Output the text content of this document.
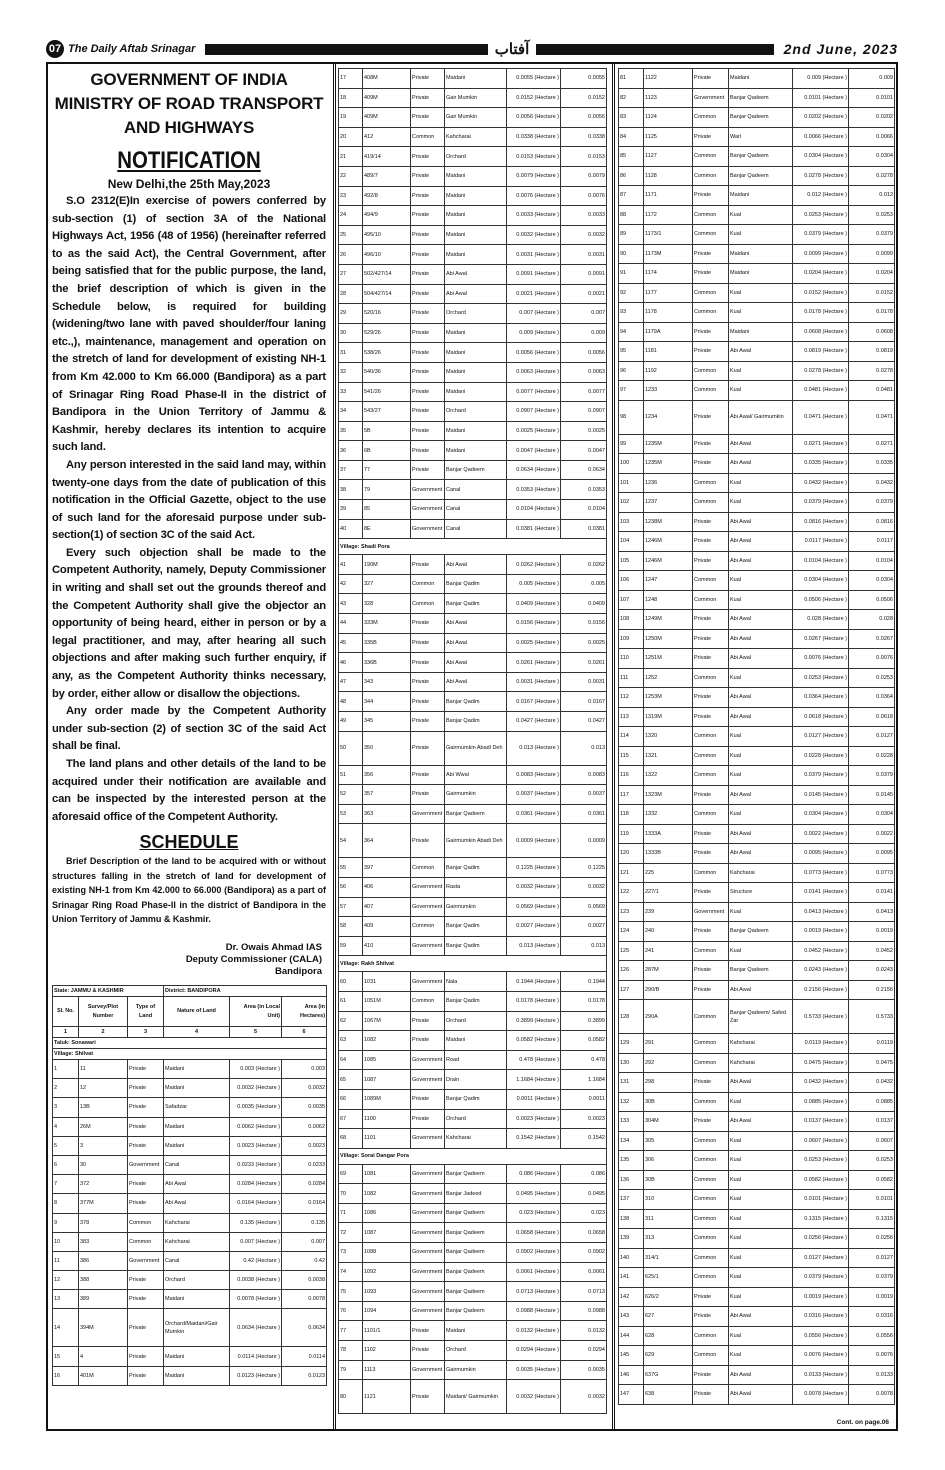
07 The Daily Aftab Srinagar	آفتاب	2nd June, 2023
GOVERNMENT OF INDIA
MINISTRY OF ROAD TRANSPORT
AND HIGHWAYS
NOTIFICATION
New Delhi,the 25th May,2023

S.O 2312(E)In exercise of powers conferred by sub-section (1) of section 3A of the National Highways Act, 1956 (48 of 1956) (hereinafter referred to as the said Act), the Central Government, after being satisfied that for the public purpose, the land, the brief description of which is given in the Schedule below, is required for building (widening/two lane with paved shoulder/four laning etc.,), maintenance, management and operation on the stretch of land for development of existing NH-1 from Km 42.000 to Km 66.000 (Bandipora) as a part of Srinagar Ring Road Phase-II in the district of Bandipora in the Union Territory of Jammu & Kashmir, hereby declares its intention to acquire such land.

Any person interested in the said land may, within twenty-one days from the date of publication of this notification in the Official Gazette, object to the use of such land for the aforesaid purpose under sub-section(1) of section 3C of the said Act.

Every such objection shall be made to the Competent Authority, namely, Deputy Commissioner in writing and shall set out the grounds thereof and the Competent Authority shall give the objector an opportunity of being heard, either in person or by a legal practitioner, and may, after hearing all such objections and after making such further enquiry, if any, as the Competent Authority thinks necessary, by order, either allow or disallow the objections.

Any order made by the Competent Authority under sub-section (2) of section 3C of the said Act shall be final.

The land plans and other details of the land to be acquired under their notification are available and can be inspected by the interested person at the aforesaid office of the Competent Authority.

SCHEDULE

Brief Description of the land to be acquired with or without structures falling in the stretch of land for development of existing NH-1 from Km 42.000 to 66.000 (Bandipora) as a part of Srinagar Ring Road Phase-II in the district of Bandipora in the Union Territory of Jammu & Kashmir.

Dr. Owais Ahmad IAS
Deputy Commissioner (CALA)
Bandipora
State: JAMMU & KASHMIR			District: BANDIPORA		
Sl. No.	Survey/Plot Number	Type of Land	Nature of Land	Area (in Local Unit)	Area (in Hectares)
1	2	3	4	5	6
Taluk: Sonawari					
Village: Shilvat					
1	11	Private	Maidani	0.003 (Hectare )	0.003
2	12	Private	Maidani	0.0032 (Hectare )	0.0032
3	13B	Private	Safadzar	0.0035 (Hectare )	0.0035
4	26M	Private	Maidani	0.0062 (Hectare )	0.0062
5	3	Private	Maidani	0.0023 (Hectare )	0.0023
6	30	Government	Canal	0.0233 (Hectare )	0.0233
7	372	Private	Abi Awal	0.0284 (Hectare )	0.0284
8	377M	Private	Abi Awal	0.0164 (Hectare )	0.0164
9	378	Common	Kahcharai	0.135 (Hectare )	0.135
10	383	Common	Kahcharai	0.007 (Hectare )	0.007
11	386	Government	Canal	0.42 (Hectare )	0.42
12	388	Private	Orchard	0.0038 (Hectare )	0.0038
13	389	Private	Maidani	0.0078 (Hectare )	0.0078
14	394M	Private	Orchard/Maidani/Gair Mumkin	0.0634 (Hectare )	0.0634
15	4	Private	Maidani	0.0114 (Hectare )	0.0114
16	401M	Private	Maidani	0.0123 (Hectare )	0.0123
17	408M	Private	Maidani	0.0055 (Hectare )	0.0055
18	409M	Private	Gair Mumkin	0.0152 (Hectare )	0.0152
19	409M	Private	Gair Mumkin	0.0056 (Hectare )	0.0056
20	412	Common	Kahcharai	0.0338 (Hectare )	0.0338
21	419/14	Private	Orchard	0.0153 (Hectare )	0.0153
22	489/7	Private	Maidani	0.0079 (Hectare )	0.0079
23	492/8	Private	Maidani	0.0076 (Hectare )	0.0076
24	494/9	Private	Maidani	0.0033 (Hectare )	0.0033
25	495/10	Private	Maidani	0.0032 (Hectare )	0.0032
26	496/10	Private	Maidani	0.0031 (Hectare )	0.0031
27	502/427/14	Private	Abi Awal	0.0091 (Hectare )	0.0091
28	504/427/14	Private	Abi Awal	0.0021 (Hectare )	0.0021
29	520/16	Private	Orchard	0.007 (Hectare )	0.007
30	529/26	Private	Maidani	0.009 (Hectare )	0.009
31	538/26	Private	Maidani	0.0056 (Hectare )	0.0056
32	540/36	Private	Maidani	0.0063 (Hectare )	0.0063
33	541/26	Private	Maidani	0.0077 (Hectare )	0.0077
34	543/27	Private	Orchard	0.0907 (Hectare )	0.0907
35	5B	Private	Maidani	0.0025 (Hectare )	0.0025
36	6B	Private	Maidani	0.0047 (Hectare )	0.0047
37	77	Private	Banjar Qadeem	0.0634 (Hectare )	0.0634
38	79	Government	Canal	0.0353 (Hectare )	0.0353
39	85	Government	Canal	0.0104 (Hectare )	0.0104
40	8E	Government	Canal	0.0381 (Hectare )	0.0381
Village: Shadi Pora					
41	190M	Private	Abi Awal	0.0262 (Hectare )	0.0262
42	327	Common	Banjar Qadim	0.005 (Hectare )	0.005
43	328	Common	Banjar Qadim	0.0409 (Hectare )	0.0409
44	333M	Private	Abi Awal	0.0156 (Hectare )	0.0156
45	335B	Private	Abi Awal	0.0025 (Hectare )	0.0025
46	336B	Private	Abi Awal	0.0261 (Hectare )	0.0261
47	343	Private	Abi Awal	0.0031 (Hectare )	0.0031
48	344	Private	Banjar Qadim	0.0167 (Hectare )	0.0167
49	345	Private	Banjar Qadim	0.0427 (Hectare )	0.0427
50	350	Private	Gairmumkin Abadi Deh	0.013 (Hectare )	0.013
51	356	Private	Abi Wwal	0.0083 (Hectare )	0.0083
52	357	Private	Gairmumkin	0.0037 (Hectare )	0.0037
53	363	Government	Banjar Qadeem	0.0361 (Hectare )	0.0361
54	364	Private	Gairmumkin Abadi Deh	0.0009 (Hectare )	0.0009
55	397	Common	Banjar Qadim	0.1225 (Hectare )	0.1225
56	406	Government	Rasta	0.0032 (Hectare )	0.0032
57	407	Government	Gairmumkin	0.0569 (Hectare )	0.0569
58	409	Common	Banjar Qadim	0.0027 (Hectare )	0.0027
59	410	Government	Banjar Qadim	0.013 (Hectare )	0.013
Village: Rakh Shilvat					
60	1031	Government	Nala	0.1944 (Hectare )	0.1944
61	1051M	Common	Banjar Qadim	0.0178 (Hectare )	0.0178
62	1067M	Private	Orchard	0.3899 (Hectare )	0.3899
63	1082	Private	Maidani	0.0582 (Hectare )	0.0582
64	1085	Government	Road	0.478 (Hectare )	0.478
65	1087	Government	Drain	1.1684 (Hectare )	1.1684
66	1089M	Private	Banjar Qadim	0.0011 (Hectare )	0.0011
67	1100	Private	Orchard	0.0023 (Hectare )	0.0023
68	1101	Government	Kahcharai	0.1542 (Hectare )	0.1542
Village: Sorai Dangar Pora					
69	1081	Government	Banjar Qadeem	0.086 (Hectare )	0.086
70	1082	Government	Banjar Jadeed	0.0495 (Hectare )	0.0495
71	1086	Government	Banjar Qadeem	0.023 (Hectare )	0.023
72	1087	Government	Banjar Qadeem	0.0658 (Hectare )	0.0658
73	1088	Government	Banjar Qadeem	0.0902 (Hectare )	0.0902
74	1092	Government	Banjar Qadeem	0.0061 (Hectare )	0.0061
75	1093	Government	Banjar Qadeem	0.0713 (Hectare )	0.0713
76	1094	Government	Banjar Qadeem	0.0988 (Hectare )	0.0988
77	1101/1	Private	Maidani	0.0132 (Hectare )	0.0132
78	1102	Private	Orchard	0.0294 (Hectare )	0.0294
79	1113	Government	Gairmumkin	0.0035 (Hectare )	0.0035
80	1121	Private	Maidani/ Gairmumkin	0.0032 (Hectare )	0.0032
81	1122	Private	Maidani	0.009 (Hectare )	0.009
82	1123	Government	Banjar Qadeem	0.0101 (Hectare )	0.0101
83	1124	Common	Banjar Qadeem	0.0202 (Hectare )	0.0202
84	1125	Private	Warl	0.0066 (Hectare )	0.0066
85	1127	Common	Banjar Qadeem	0.0304 (Hectare )	0.0304
86	1128	Common	Banjar Qadeem	0.0278 (Hectare )	0.0278
87	1171	Private	Maidani	0.012 (Hectare )	0.012
88	1172	Common	Kual	0.0253 (Hectare )	0.0253
89	1173/1	Common	Kual	0.0379 (Hectare )	0.0379
90	1173M	Private	Maidani	0.0099 (Hectare )	0.0099
91	1174	Private	Maidani	0.0204 (Hectare )	0.0204
92	1177	Common	Kual	0.0152 (Hectare )	0.0152
93	1178	Common	Kual	0.0178 (Hectare )	0.0178
94	1179A	Private	Maidani	0.0608 (Hectare )	0.0608
95	1181	Private	Abi Awal	0.0819 (Hectare )	0.0819
96	1192	Common	Kual	0.0278 (Hectare )	0.0278
97	1233	Common	Kual	0.0481 (Hectare )	0.0481
98	1234	Private	Abi Awal/ Gairmumkin	0.0471 (Hectare )	0.0471
99	1235M	Private	Abi Awal	0.0271 (Hectare )	0.0271
100	1235M	Private	Abi Awal	0.0335 (Hectare )	0.0335
101	1236	Common	Kual	0.0432 (Hectare )	0.0432
102	1237	Common	Kual	0.0379 (Hectare )	0.0379
103	1238M	Private	Abi Awal	0.0816 (Hectare )	0.0816
104	1246M	Private	Abi Awal	0.0117 (Hectare )	0.0117
105	1246M	Private	Abi Awal	0.0104 (Hectare )	0.0104
106	1247	Common	Kual	0.0304 (Hectare )	0.0304
107	1248	Common	Kual	0.0506 (Hectare )	0.0506
108	1249M	Private	Abi Awal	0.028 (Hectare )	0.028
109	1250M	Private	Abi Awal	0.0267 (Hectare )	0.0267
110	1251M	Private	Abi Awal	0.0076 (Hectare )	0.0076
111	1252	Common	Kual	0.0253 (Hectare )	0.0253
112	1253M	Private	Abi Awal	0.0364 (Hectare )	0.0364
113	1319M	Private	Abi Awal	0.0618 (Hectare )	0.0618
114	1320	Common	Kual	0.0127 (Hectare )	0.0127
115	1321	Common	Kual	0.0228 (Hectare )	0.0228
116	1322	Common	Kual	0.0379 (Hectare )	0.0379
117	1323M	Private	Abi Awal	0.0145 (Hectare )	0.0145
118	1332	Common	Kual	0.0304 (Hectare )	0.0304
119	1333A	Private	Abi Awal	0.0022 (Hectare )	0.0022
120	1333B	Private	Abi Awal	0.0095 (Hectare )	0.0095
121	225	Common	Kahcharai	0.0773 (Hectare )	0.0773
122	227/1	Private	Structure	0.0141 (Hectare )	0.0141
123	239	Government	Kual	0.0413 (Hectare )	0.0413
124	240	Private	Banjar Qadeem	0.0019 (Hectare )	0.0019
125	241	Common	Kual	0.0452 (Hectare )	0.0452
126	287M	Private	Banjar Qadeem	0.0243 (Hectare )	0.0243
127	290/B	Private	Abi Awal	0.2156 (Hectare )	0.2156
128	290A	Common	Banjar Qadeem/ Safed Zar	0.5733 (Hectare )	0.5733
129	291	Common	Kahcharai	0.0119 (Hectare )	0.0119
130	292	Common	Kahcharai	0.0475 (Hectare )	0.0475
131	298	Private	Abi Awal	0.0432 (Hectare )	0.0432
132	30B	Common	Kual	0.0885 (Hectare )	0.0885
133	304M	Private	Abi Awal	0.0137 (Hectare )	0.0137
134	305	Common	Kual	0.0607 (Hectare )	0.0607
135	306	Common	Kual	0.0253 (Hectare )	0.0253
136	30B	Common	Kual	0.0582 (Hectare )	0.0582
137	310	Common	Kual	0.0101 (Hectare )	0.0101
138	311	Common	Kual	0.1315 (Hectare )	0.1315
139	313	Common	Kual	0.0256 (Hectare )	0.0256
140	314/1	Common	Kual	0.0127 (Hectare )	0.0127
141	625/1	Common	Kual	0.0379 (Hectare )	0.0379
142	626/2	Private	Kual	0.0019 (Hectare )	0.0019
143	627	Private	Abi Awal	0.0316 (Hectare )	0.0316
144	628	Common	Kual	0.0556 (Hectare )	0.0556
145	629	Common	Kual	0.0076 (Hectare )	0.0076
146	637G	Private	Abi Awal	0.0133 (Hectare )	0.0133
147	638	Private	Abi Awal	0.0078 (Hectare )	0.0078
Cont. on page.06
